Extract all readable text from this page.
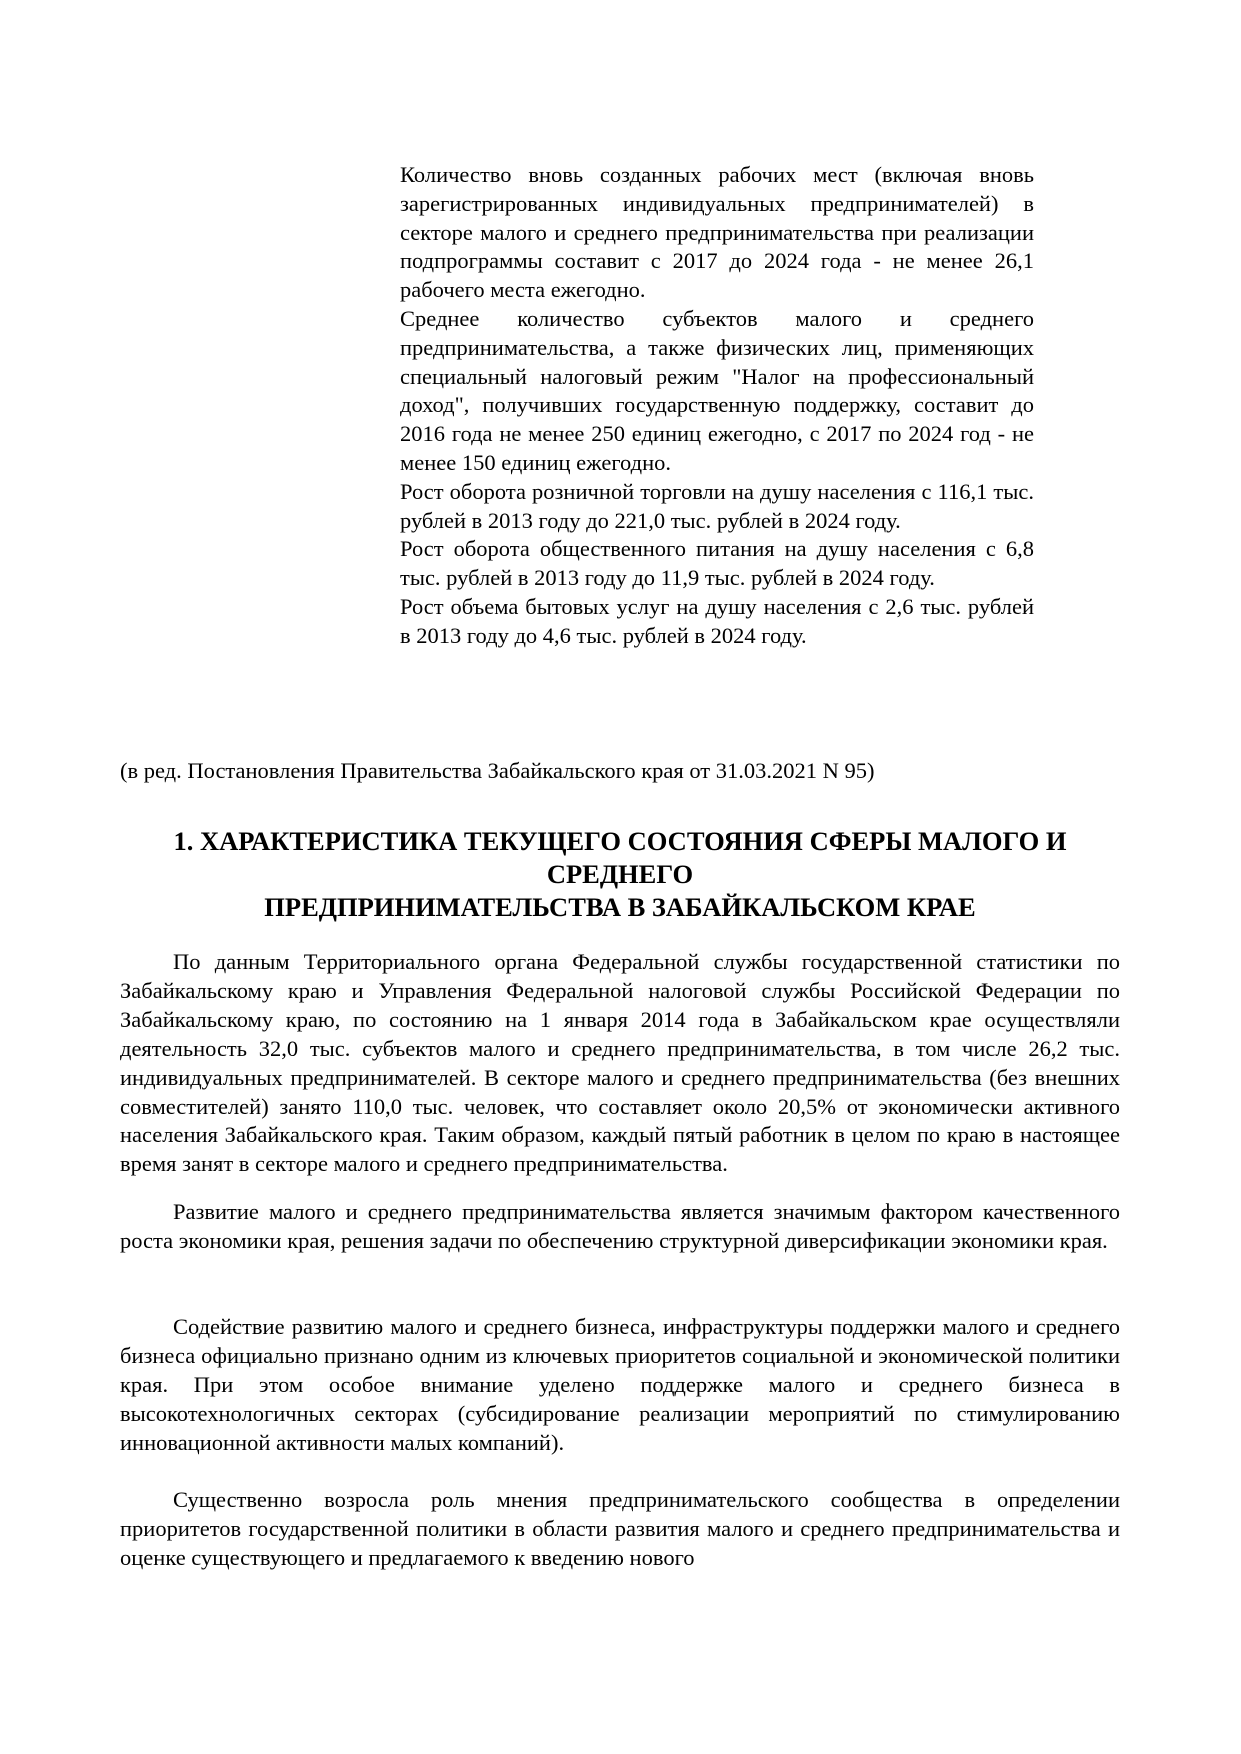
Количество вновь созданных рабочих мест (включая вновь зарегистрированных индивидуальных предпринимателей) в секторе малого и среднего предпринимательства при реализации подпрограммы составит с 2017 до 2024 года - не менее 26,1 рабочего места ежегодно.

Среднее количество субъектов малого и среднего предпринимательства, а также физических лиц, применяющих специальный налоговый режим "Налог на профессиональный доход", получивших государственную поддержку, составит до 2016 года не менее 250 единиц ежегодно, с 2017 по 2024 год - не менее 150 единиц ежегодно.

Рост оборота розничной торговли на душу населения с 116,1 тыс. рублей в 2013 году до 221,0 тыс. рублей в 2024 году.

Рост оборота общественного питания на душу населения с 6,8 тыс. рублей в 2013 году до 11,9 тыс. рублей в 2024 году.

Рост объема бытовых услуг на душу населения с 2,6 тыс. рублей в 2013 году до 4,6 тыс. рублей в 2024 году.

(в ред. Постановления Правительства Забайкальского края от 31.03.2021 N 95)

1. ХАРАКТЕРИСТИКА ТЕКУЩЕГО СОСТОЯНИЯ СФЕРЫ МАЛОГО И
СРЕДНЕГО
ПРЕДПРИНИМАТЕЛЬСТВА В ЗАБАЙКАЛЬСКОМ КРАЕ

По данным Территориального органа Федеральной службы государственной статистики по Забайкальскому краю и Управления Федеральной налоговой службы Российской Федерации по Забайкальскому краю, по состоянию на 1 января 2014 года в Забайкальском крае осуществляли деятельность 32,0 тыс. субъектов малого и среднего предпринимательства, в том числе 26,2 тыс. индивидуальных предпринимателей. В секторе малого и среднего предпринимательства (без внешних совместителей) занято 110,0 тыс. человек, что составляет около 20,5% от экономически активного населения Забайкальского края. Таким образом, каждый пятый работник в целом по краю в настоящее время занят в секторе малого и среднего предпринимательства.

Развитие малого и среднего предпринимательства является значимым фактором качественного роста экономики края, решения задачи по обеспечению структурной диверсификации экономики края.

Содействие развитию малого и среднего бизнеса, инфраструктуры поддержки малого и среднего бизнеса официально признано одним из ключевых приоритетов социальной и экономической политики края. При этом особое внимание уделено поддержке малого и среднего бизнеса в высокотехнологичных секторах (субсидирование реализации мероприятий по стимулированию инновационной активности малых компаний).

Существенно возросла роль мнения предпринимательского сообщества в определении приоритетов государственной политики в области развития малого и среднего предпринимательства и оценке существующего и предлагаемого к введению нового
